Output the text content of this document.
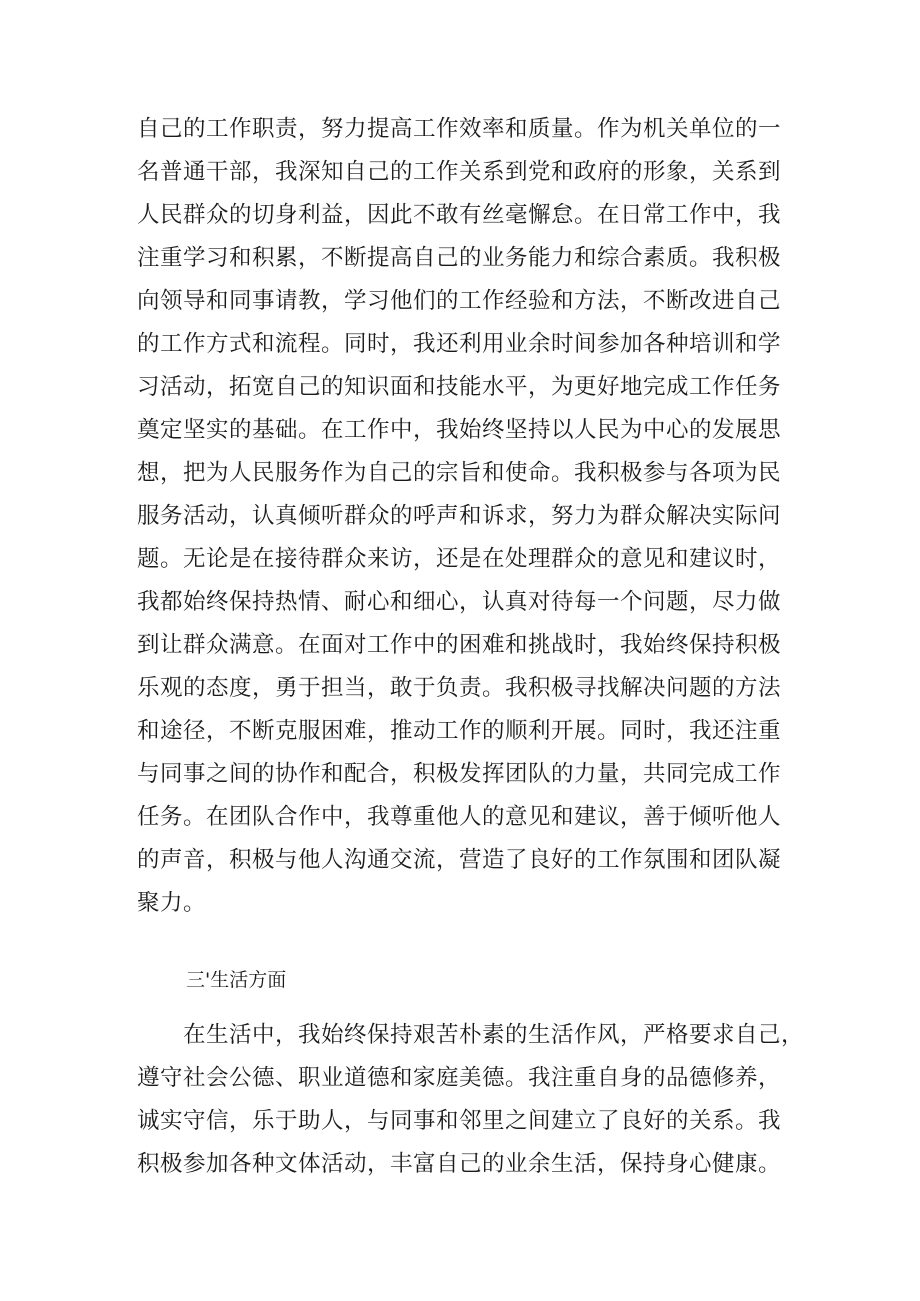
自己的工作职责，努力提高工作效率和质量。作为机关单位的一
名普通干部，我深知自己的工作关系到党和政府的形象，关系到
人民群众的切身利益，因此不敢有丝毫懈怠。在日常工作中，我
注重学习和积累，不断提高自己的业务能力和综合素质。我积极
向领导和同事请教，学习他们的工作经验和方法，不断改进自己
的工作方式和流程。同时，我还利用业余时间参加各种培训和学
习活动，拓宽自己的知识面和技能水平，为更好地完成工作任务
奠定坚实的基础。在工作中，我始终坚持以人民为中心的发展思
想，把为人民服务作为自己的宗旨和使命。我积极参与各项为民
服务活动，认真倾听群众的呼声和诉求，努力为群众解决实际问
题。无论是在接待群众来访，还是在处理群众的意见和建议时，
我都始终保持热情、耐心和细心，认真对待每一个问题，尽力做
到让群众满意。在面对工作中的困难和挑战时，我始终保持积极
乐观的态度，勇于担当，敢于负责。我积极寻找解决问题的方法
和途径，不断克服困难，推动工作的顺利开展。同时，我还注重
与同事之间的协作和配合，积极发挥团队的力量，共同完成工作
任务。在团队合作中，我尊重他人的意见和建议，善于倾听他人
的声音，积极与他人沟通交流，营造了良好的工作氛围和团队凝
聚力。
三'生活方面
　　在生活中，我始终保持艰苦朴素的生活作风，严格要求自己，
遵守社会公德、职业道德和家庭美德。我注重自身的品德修养，
诚实守信，乐于助人，与同事和邻里之间建立了良好的关系。我
积极参加各种文体活动，丰富自己的业余生活，保持身心健康。
